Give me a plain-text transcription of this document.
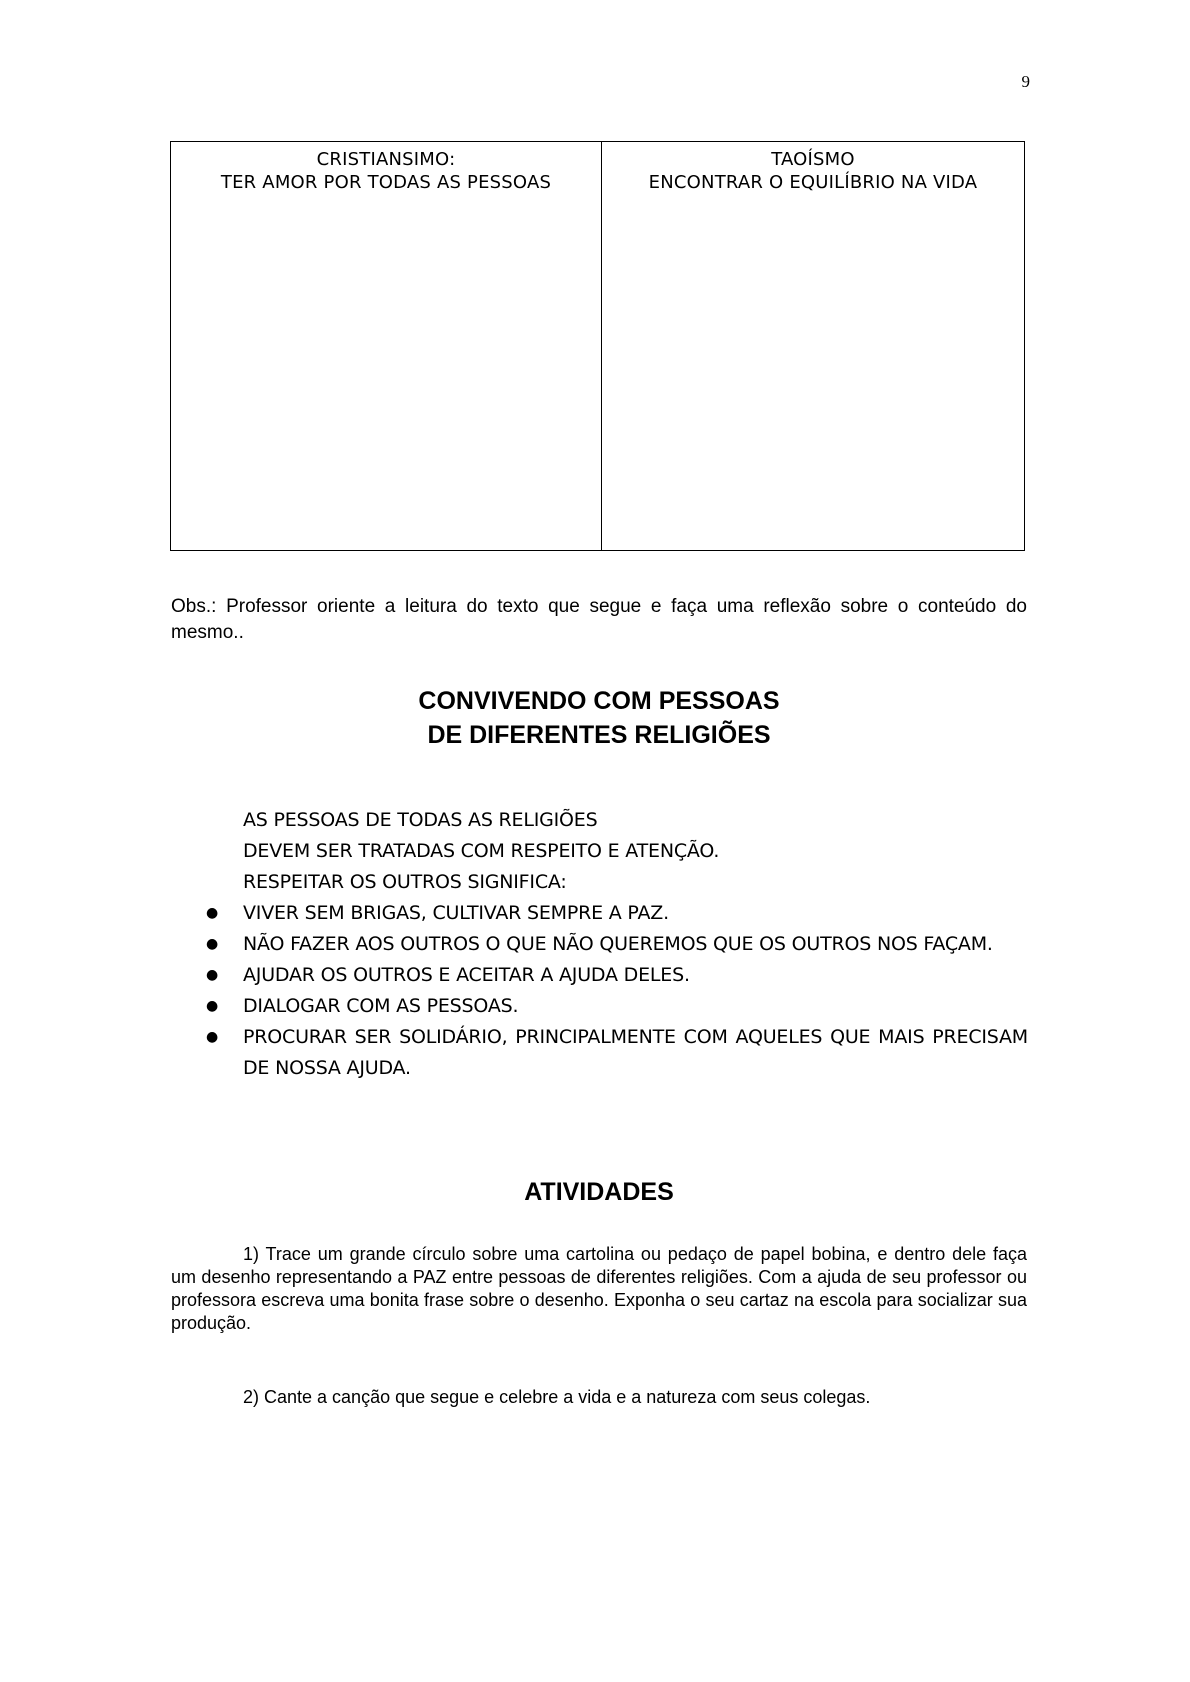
9
CRISTIANSIMO:
TER AMOR POR TODAS AS PESSOAS
TAOÍSMO
ENCONTRAR O EQUILÍBRIO NA VIDA

Obs.: Professor oriente a leitura do texto que segue e faça uma reflexão sobre o conteúdo do mesmo..

CONVIVENDO COM PESSOAS
DE DIFERENTES RELIGIÕES
AS PESSOAS DE TODAS AS RELIGIÕES
DEVEM SER TRATADAS COM RESPEITO E ATENÇÃO.
RESPEITAR OS OUTROS SIGNIFICA:
● VIVER SEM BRIGAS, CULTIVAR SEMPRE A PAZ.
● NÃO FAZER AOS OUTROS O QUE NÃO QUEREMOS QUE OS OUTROS NOS FAÇAM.
● AJUDAR OS OUTROS E ACEITAR A AJUDA DELES.
● DIALOGAR COM AS PESSOAS.
● PROCURAR SER SOLIDÁRIO, PRINCIPALMENTE COM AQUELES QUE MAIS PRECISAM DE NOSSA AJUDA.
ATIVIDADES

1) Trace um grande círculo sobre uma cartolina ou pedaço de papel bobina, e dentro dele faça um desenho representando a PAZ entre pessoas de diferentes religiões. Com a ajuda de seu professor ou professora escreva uma bonita frase sobre o desenho. Exponha o seu cartaz na escola para socializar sua produção.

2) Cante a canção que segue e celebre a vida e a natureza com seus colegas.
